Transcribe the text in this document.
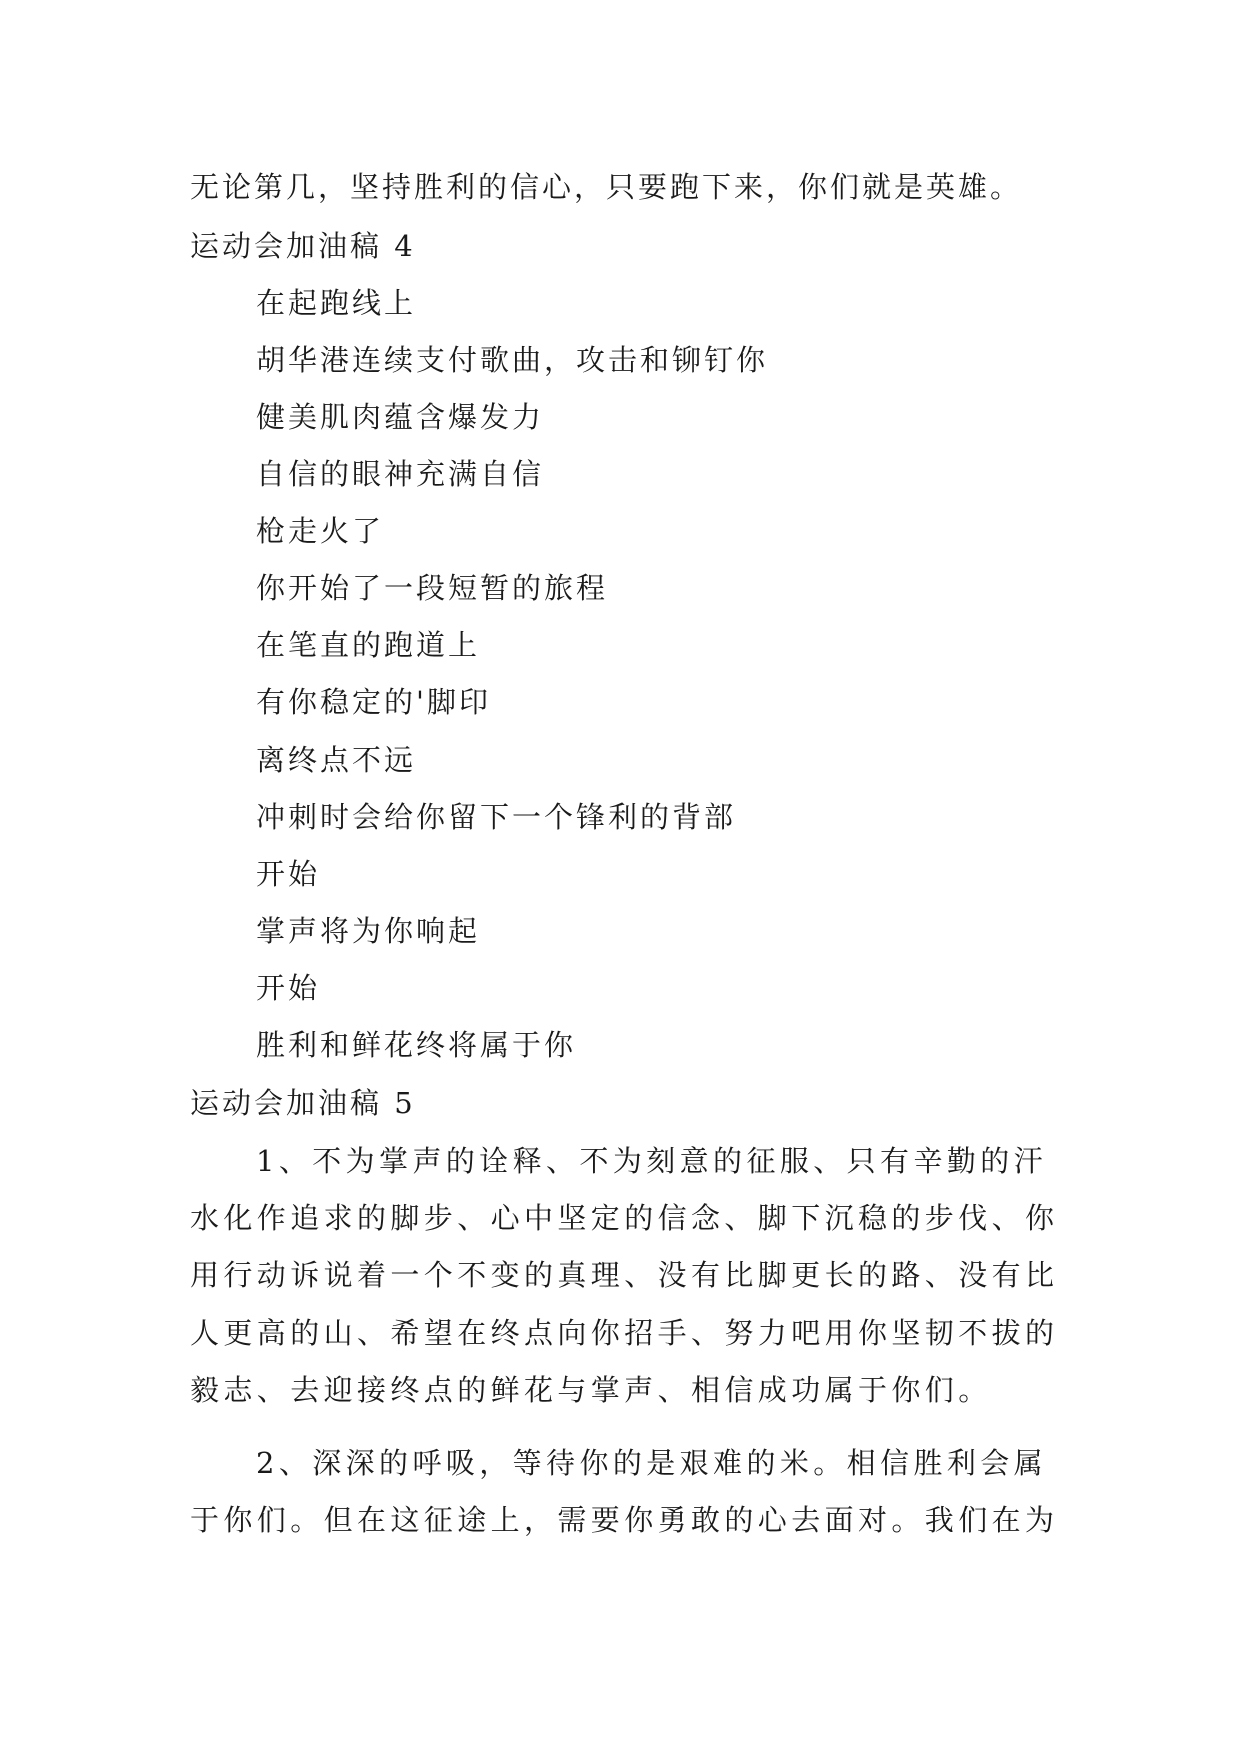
无论第几，坚持胜利的信心，只要跑下来，你们就是英雄。
运动会加油稿 4
在起跑线上
胡华港连续支付歌曲，攻击和铆钉你
健美肌肉蕴含爆发力
自信的眼神充满自信
枪走火了
你开始了一段短暂的旅程
在笔直的跑道上
有你稳定的'脚印
离终点不远
冲刺时会给你留下一个锋利的背部
开始
掌声将为你响起
开始
胜利和鲜花终将属于你
运动会加油稿 5
1、不为掌声的诠释、不为刻意的征服、只有辛勤的汗
水化作追求的脚步、心中坚定的信念、脚下沉稳的步伐、你
用行动诉说着一个不变的真理、没有比脚更长的路、没有比
人更高的山、希望在终点向你招手、努力吧用你坚韧不拔的
毅志、去迎接终点的鲜花与掌声、相信成功属于你们。
2、深深的呼吸，等待你的是艰难的米。相信胜利会属
于你们。但在这征途上，需要你勇敢的心去面对。我们在为
